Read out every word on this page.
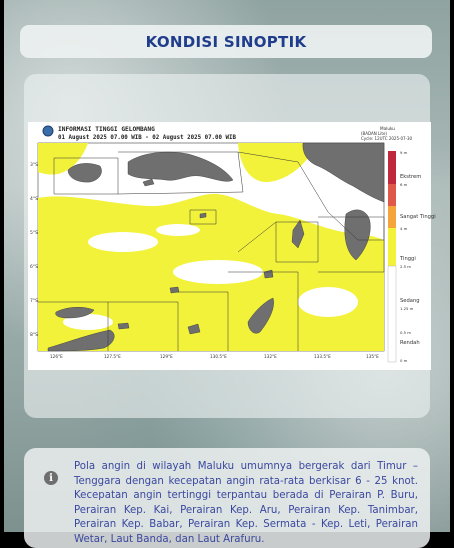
KONDISI SINOPTIK
INFORMASI TINGGI GELOMBANG
01 August 2025 07.00 WIB - 02 August 2025 07.00 WIB
Maluku
(BADAN Lite)
Cycle: 12UTC 2025-07-30
3°S
4°S
5°S
6°S
7°S
8°S
126°E	127.5°E	129°E	130.5°E	132°E	133.5°E	135°E
9 m
6 m
4 m
2.5 m
1.25 m
0.5 m
0 m
Ekstrem
Sangat Tinggi
Tinggi
Sedang
Rendah
i
Pola angin di wilayah Maluku umumnya bergerak dari Timur – Tenggara dengan kecepatan angin rata-rata berkisar 6 - 25 knot. Kecepatan angin tertinggi terpantau berada di Perairan P. Buru, Perairan Kep. Kai, Perairan Kep. Aru, Perairan Kep. Tanimbar, Perairan Kep. Babar, Perairan Kep. Sermata - Kep. Leti, Perairan Wetar, Laut Banda, dan Laut Arafuru.
